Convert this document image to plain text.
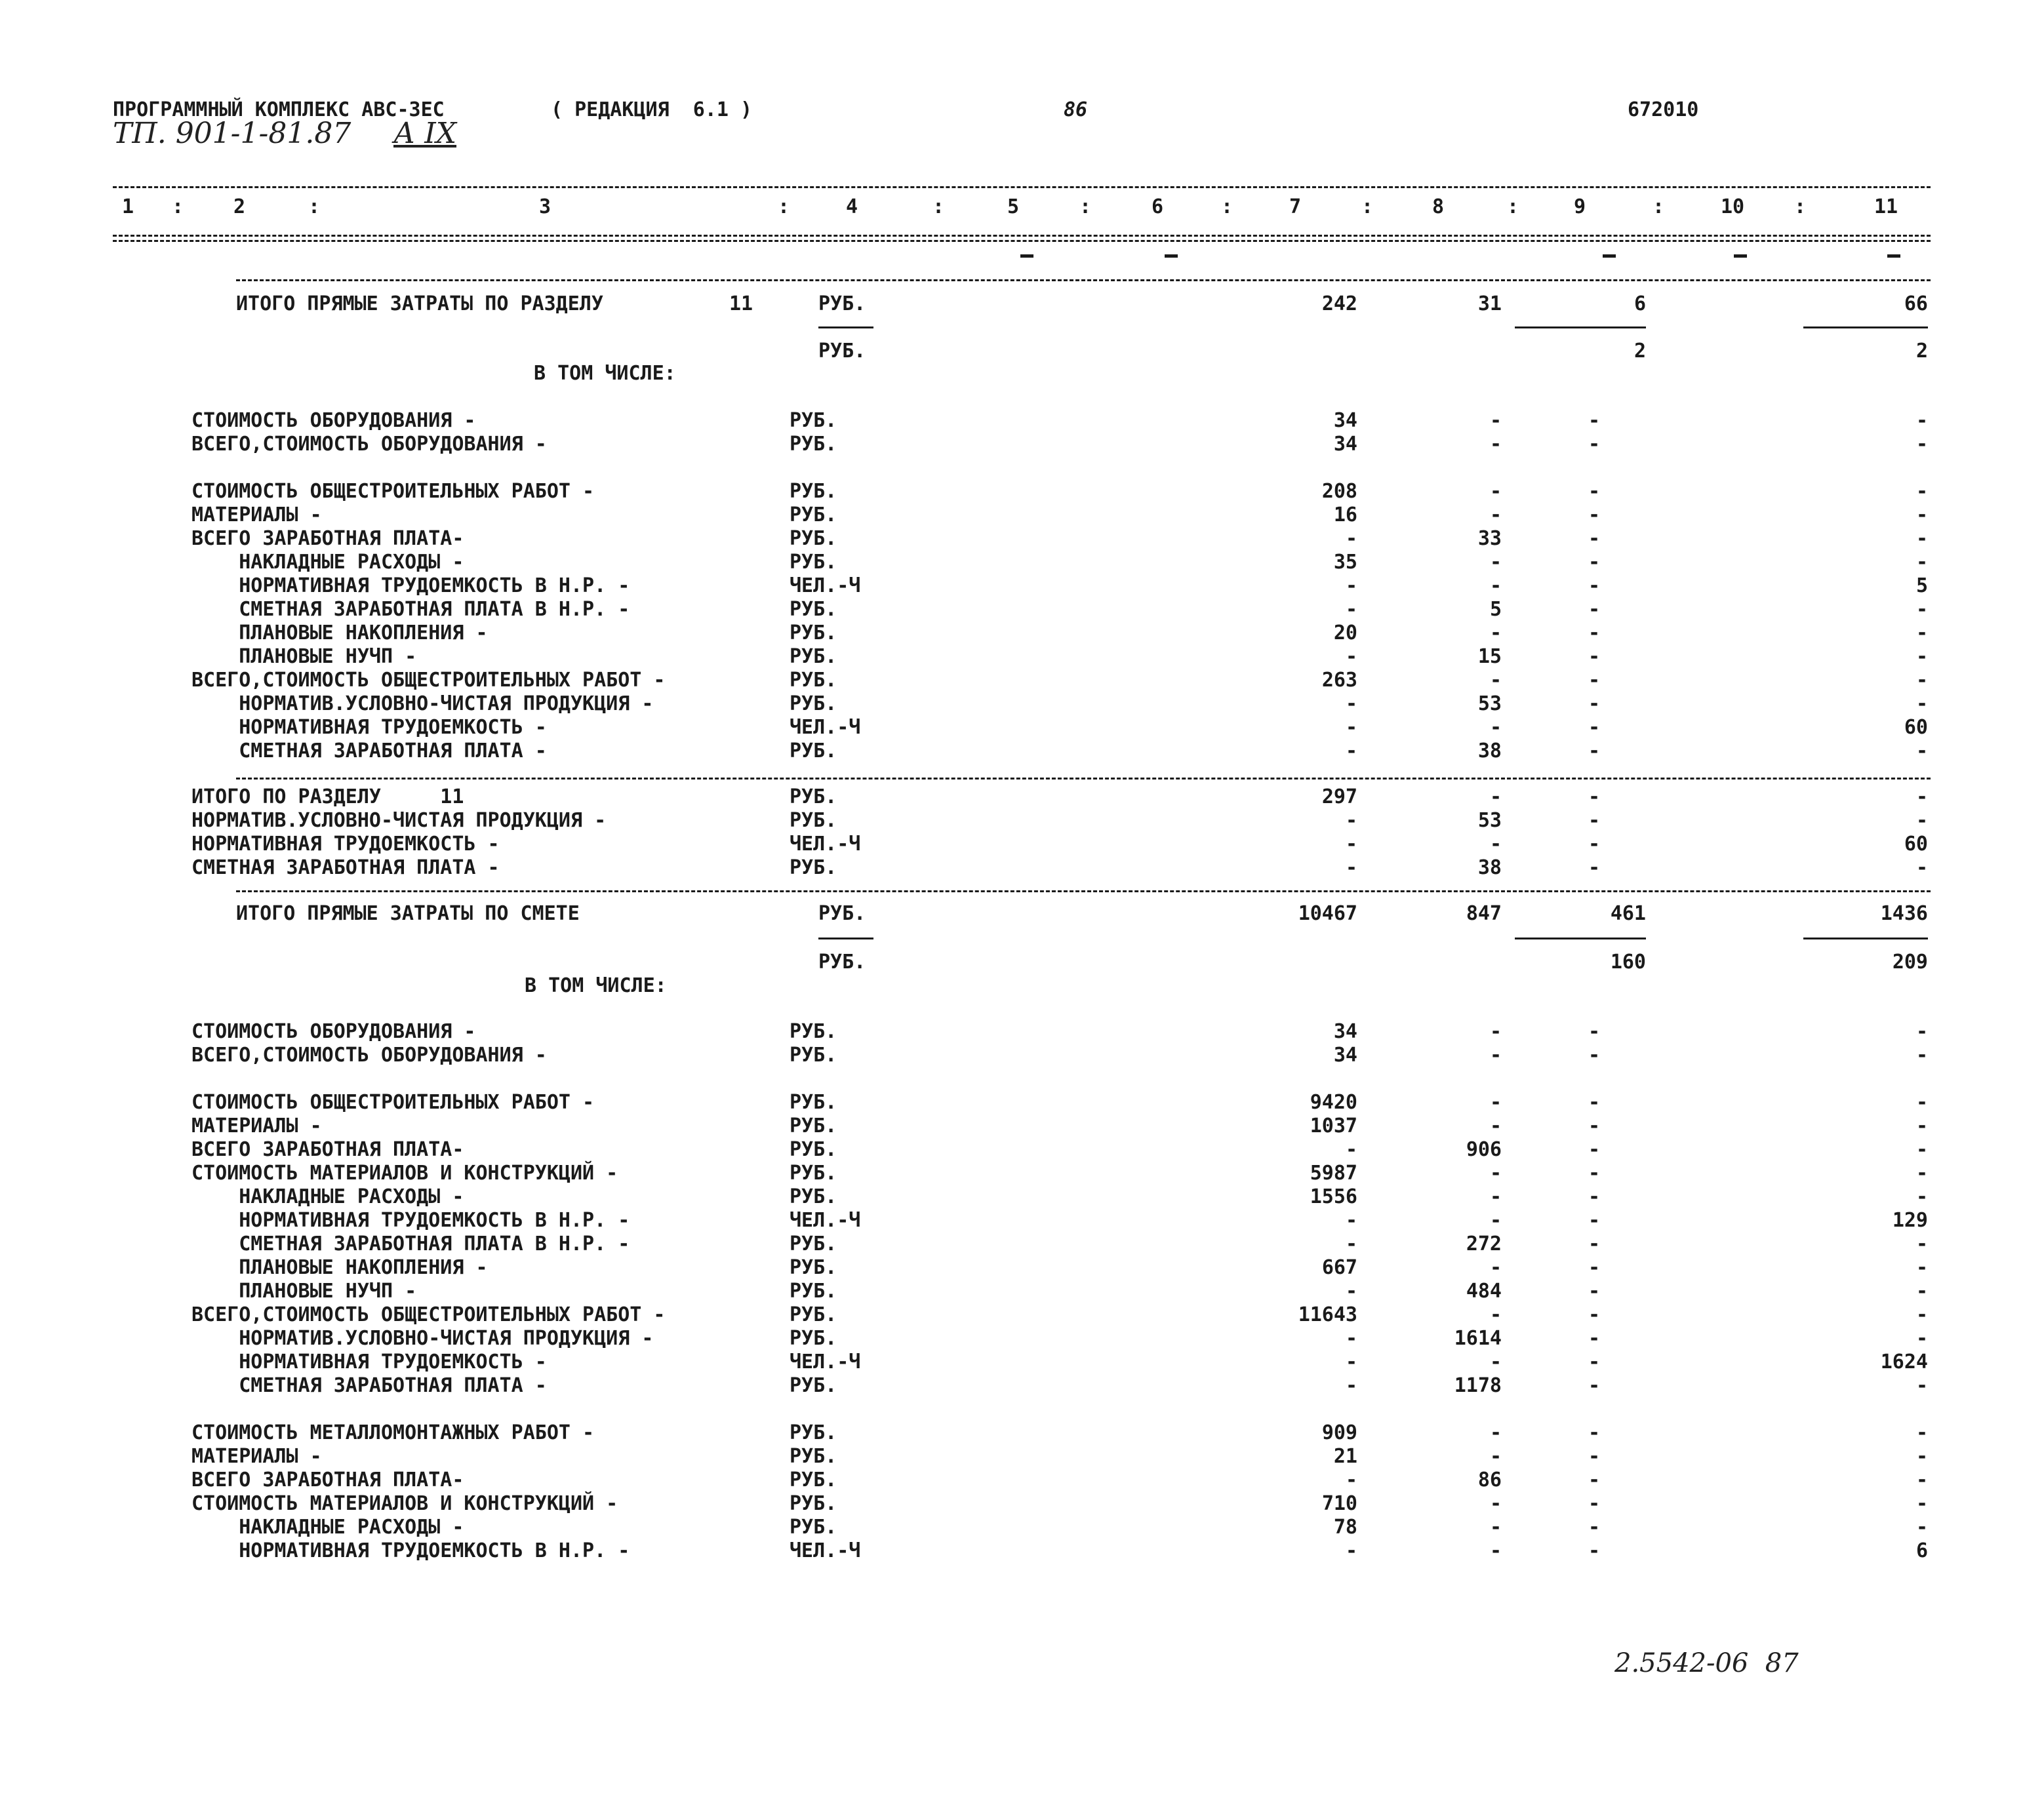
ПРОГРАММНЫЙ КОМПЛЕКС АВС-ЗЕС	( РЕДАКЦИЯ  6.1 )	86	672010
ТП. 901-1-81.87 А IX
1	2	3	4	5	6	7	8	9	10	11
:	:	:	:	:	:	:	:	:	:
ИТОГО ПРЯМЫЕ ЗАТРАТЫ ПО РАЗДЕЛУ	11	РУБ.	242	31	6	66
РУБ.	2	2
В ТОМ ЧИСЛЕ:
СТОИМОСТЬ ОБОРУДОВАНИЯ -	РУБ.	34	-	-	-
ВСЕГО,СТОИМОСТЬ ОБОРУДОВАНИЯ -	РУБ.	34	-	-	-
СТОИМОСТЬ ОБЩЕСТРОИТЕЛЬНЫХ РАБОТ -	РУБ.	208	-	-	-
МАТЕРИАЛЫ -	РУБ.	16	-	-	-
ВСЕГО ЗАРАБОТНАЯ ПЛАТА-	РУБ.	-	33	-	-
НАКЛАДНЫЕ РАСХОДЫ -	РУБ.	35	-	-	-
НОРМАТИВНАЯ ТРУДОЕМКОСТЬ В Н.Р. -	ЧЕЛ.-Ч	-	-	-	5
СМЕТНАЯ ЗАРАБОТНАЯ ПЛАТА В Н.Р. -	РУБ.	-	5	-	-
ПЛАНОВЫЕ НАКОПЛЕНИЯ -	РУБ.	20	-	-	-
ПЛАНОВЫЕ НУЧП -	РУБ.	-	15	-	-
ВСЕГО,СТОИМОСТЬ ОБЩЕСТРОИТЕЛЬНЫХ РАБОТ -	РУБ.	263	-	-	-
НОРМАТИВ.УСЛОВНО-ЧИСТАЯ ПРОДУКЦИЯ -	РУБ.	-	53	-	-
НОРМАТИВНАЯ ТРУДОЕМКОСТЬ -	ЧЕЛ.-Ч	-	-	-	60
СМЕТНАЯ ЗАРАБОТНАЯ ПЛАТА -	РУБ.	-	38	-	-
ИТОГО ПО РАЗДЕЛУ     11	РУБ.	297	-	-	-
НОРМАТИВ.УСЛОВНО-ЧИСТАЯ ПРОДУКЦИЯ -	РУБ.	-	53	-	-
НОРМАТИВНАЯ ТРУДОЕМКОСТЬ -	ЧЕЛ.-Ч	-	-	-	60
СМЕТНАЯ ЗАРАБОТНАЯ ПЛАТА -	РУБ.	-	38	-	-
ИТОГО ПРЯМЫЕ ЗАТРАТЫ ПО СМЕТЕ	РУБ.	10467	847	461	1436
РУБ.	160	209
В ТОМ ЧИСЛЕ:
СТОИМОСТЬ ОБОРУДОВАНИЯ -	РУБ.	34	-	-	-
ВСЕГО,СТОИМОСТЬ ОБОРУДОВАНИЯ -	РУБ.	34	-	-	-
СТОИМОСТЬ ОБЩЕСТРОИТЕЛЬНЫХ РАБОТ -	РУБ.	9420	-	-	-
МАТЕРИАЛЫ -	РУБ.	1037	-	-	-
ВСЕГО ЗАРАБОТНАЯ ПЛАТА-	РУБ.	-	906	-	-
СТОИМОСТЬ МАТЕРИАЛОВ И КОНСТРУКЦИЙ -	РУБ.	5987	-	-	-
НАКЛАДНЫЕ РАСХОДЫ -	РУБ.	1556	-	-	-
НОРМАТИВНАЯ ТРУДОЕМКОСТЬ В Н.Р. -	ЧЕЛ.-Ч	-	-	-	129
СМЕТНАЯ ЗАРАБОТНАЯ ПЛАТА В Н.Р. -	РУБ.	-	272	-	-
ПЛАНОВЫЕ НАКОПЛЕНИЯ -	РУБ.	667	-	-	-
ПЛАНОВЫЕ НУЧП -	РУБ.	-	484	-	-
ВСЕГО,СТОИМОСТЬ ОБЩЕСТРОИТЕЛЬНЫХ РАБОТ -	РУБ.	11643	-	-	-
НОРМАТИВ.УСЛОВНО-ЧИСТАЯ ПРОДУКЦИЯ -	РУБ.	-	1614	-	-
НОРМАТИВНАЯ ТРУДОЕМКОСТЬ -	ЧЕЛ.-Ч	-	-	-	1624
СМЕТНАЯ ЗАРАБОТНАЯ ПЛАТА -	РУБ.	-	1178	-	-
СТОИМОСТЬ МЕТАЛЛОМОНТАЖНЫХ РАБОТ -	РУБ.	909	-	-	-
МАТЕРИАЛЫ -	РУБ.	21	-	-	-
ВСЕГО ЗАРАБОТНАЯ ПЛАТА-	РУБ.	-	86	-	-
СТОИМОСТЬ МАТЕРИАЛОВ И КОНСТРУКЦИЙ -	РУБ.	710	-	-	-
НАКЛАДНЫЕ РАСХОДЫ -	РУБ.	78	-	-	-
НОРМАТИВНАЯ ТРУДОЕМКОСТЬ В Н.Р. -	ЧЕЛ.-Ч	-	-	-	6
2.5542-06  87
